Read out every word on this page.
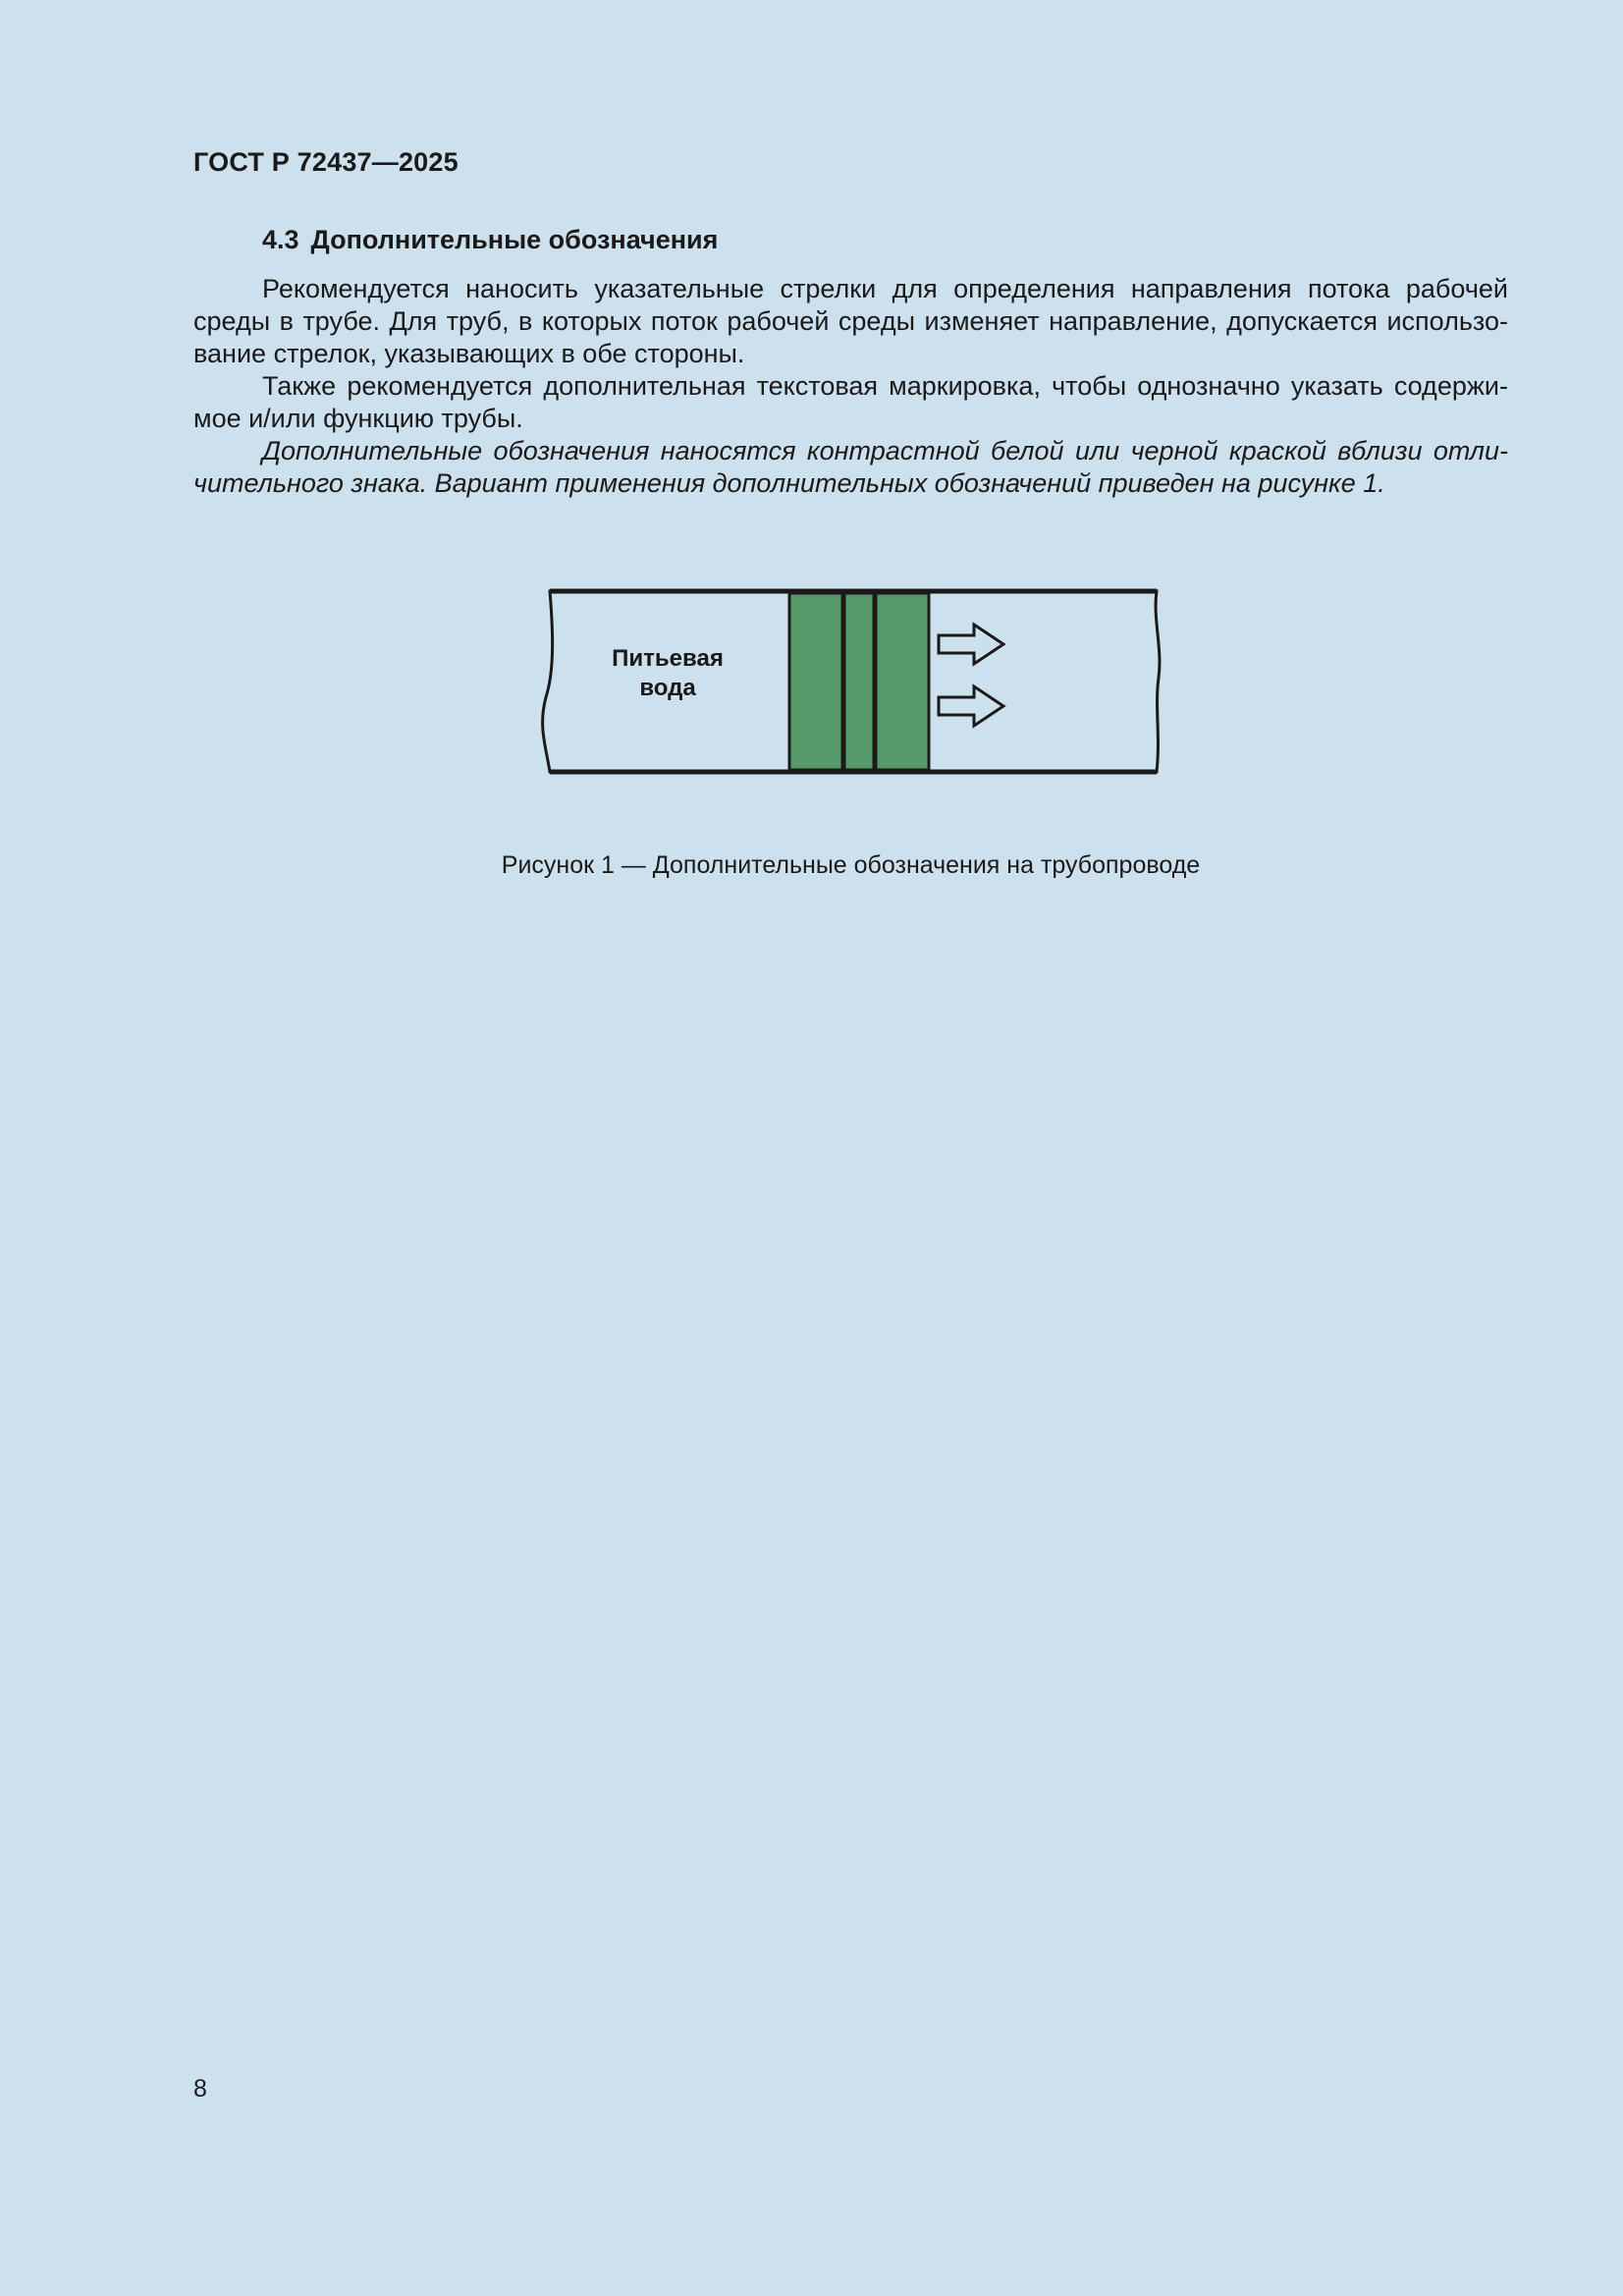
ГОСТ Р 72437—2025
4.3 Дополнительные обозначения

Рекомендуется наносить указательные стрелки для определения направления потока рабочей среды в трубе. Для труб, в которых поток рабочей среды изменяет направление, допускается использование стрелок, указывающих в обе стороны.

Также рекомендуется дополнительная текстовая маркировка, чтобы однозначно указать содержимое и/или функцию трубы.

Дополнительные обозначения наносятся контрастной белой или черной краской вблизи отличительного знака. Вариант применения дополнительных обозначений приведен на рисунке 1.

Питьевая
вода
Рисунок 1 — Дополнительные обозначения на трубопроводе
8
